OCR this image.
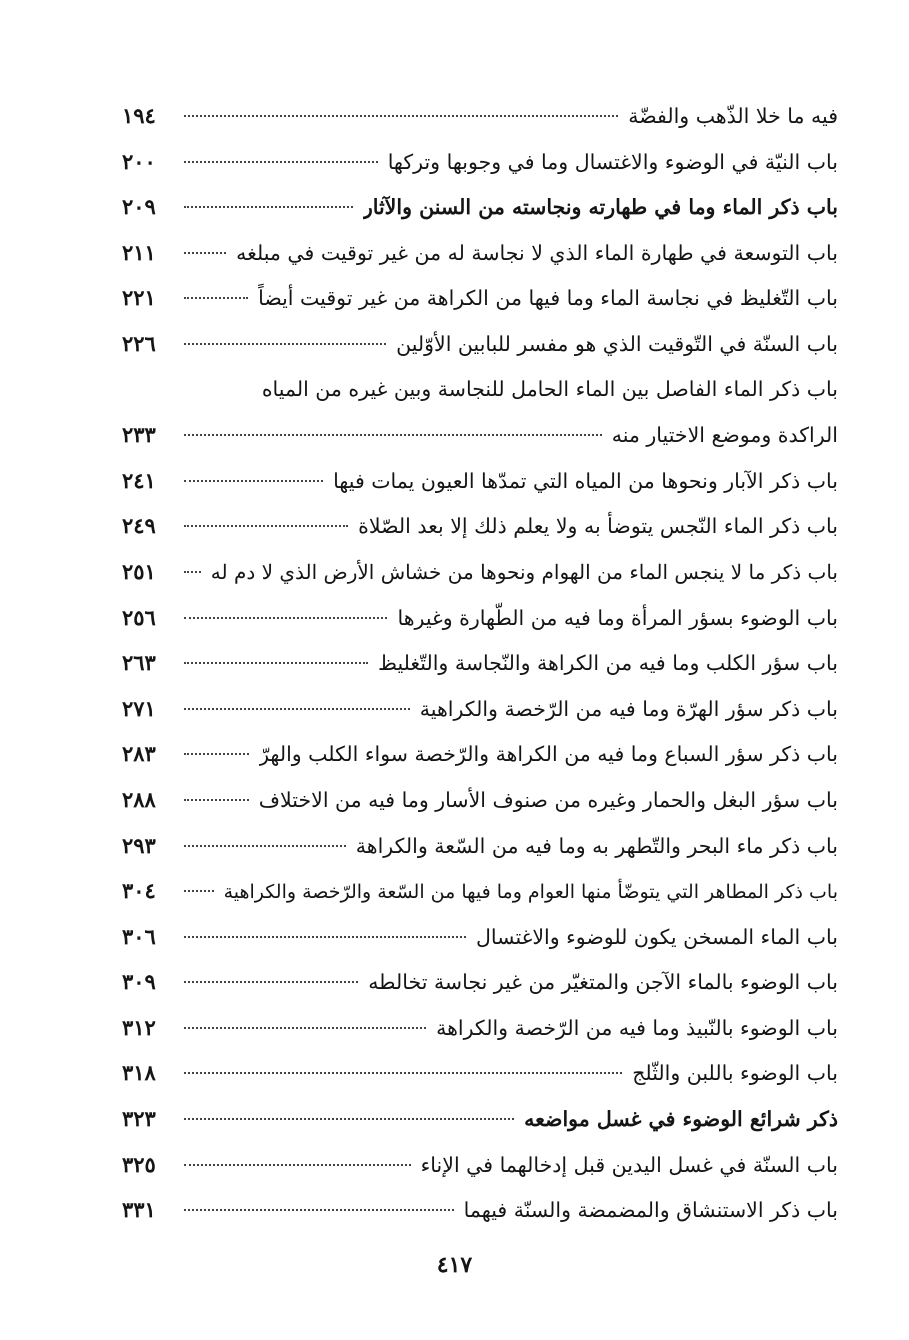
فيه ما خلا الذّهب والفضّة
١٩٤
باب النيّة في الوضوء والاغتسال وما في وجوبها وتركها
٢٠٠
باب ذكر الماء وما في طهارته ونجاسته من السنن والآثار
٢٠٩
باب التوسعة في طهارة الماء الذي لا نجاسة له من غير توقيت في مبلغه
٢١١
باب التّغليظ في نجاسة الماء وما فيها من الكراهة من غير توقيت أيضاً
٢٢١
باب السنّة في التّوقيت الذي هو مفسر للبابين الأوّلين
٢٢٦
باب ذكر الماء الفاصل بين الماء الحامل للنجاسة وبين غيره من المياه
الراكدة وموضع الاختيار منه
٢٣٣
باب ذكر الآبار ونحوها من المياه التي تمدّها العيون يمات فيها
٢٤١
باب ذكر الماء النّجس يتوضأ به ولا يعلم ذلك إلا بعد الصّلاة
٢٤٩
باب ذكر ما لا ينجس الماء من الهوام ونحوها من خشاش الأرض الذي لا دم له
٢٥١
باب الوضوء بسؤر المرأة وما فيه من الطّهارة وغيرها
٢٥٦
باب سؤر الكلب وما فيه من الكراهة والنّجاسة والتّغليظ
٢٦٣
باب ذكر سؤر الهرّة وما فيه من الرّخصة والكراهية
٢٧١
باب ذكر سؤر السباع وما فيه من الكراهة والرّخصة سواء الكلب والهرّ
٢٨٣
باب سؤر البغل والحمار وغيره من صنوف الأسار وما فيه من الاختلاف
٢٨٨
باب ذكر ماء البحر والتّطهر به وما فيه من السّعة والكراهة
٢٩٣
باب ذكر المطاهر التي يتوضّأ منها العوام وما فيها من السّعة والرّخصة والكراهية
٣٠٤
باب الماء المسخن يكون للوضوء والاغتسال
٣٠٦
باب الوضوء بالماء الآجن والمتغيّر من غير نجاسة تخالطه
٣٠٩
باب الوضوء بالنّبيذ وما فيه من الرّخصة والكراهة
٣١٢
باب الوضوء باللبن والثّلج
٣١٨
ذكر شرائع الوضوء في غسل مواضعه
٣٢٣
باب السنّة في غسل اليدين قبل إدخالهما في الإناء
٣٢٥
باب ذكر الاستنشاق والمضمضة والسنّة فيهما
٣٣١
٤١٧
